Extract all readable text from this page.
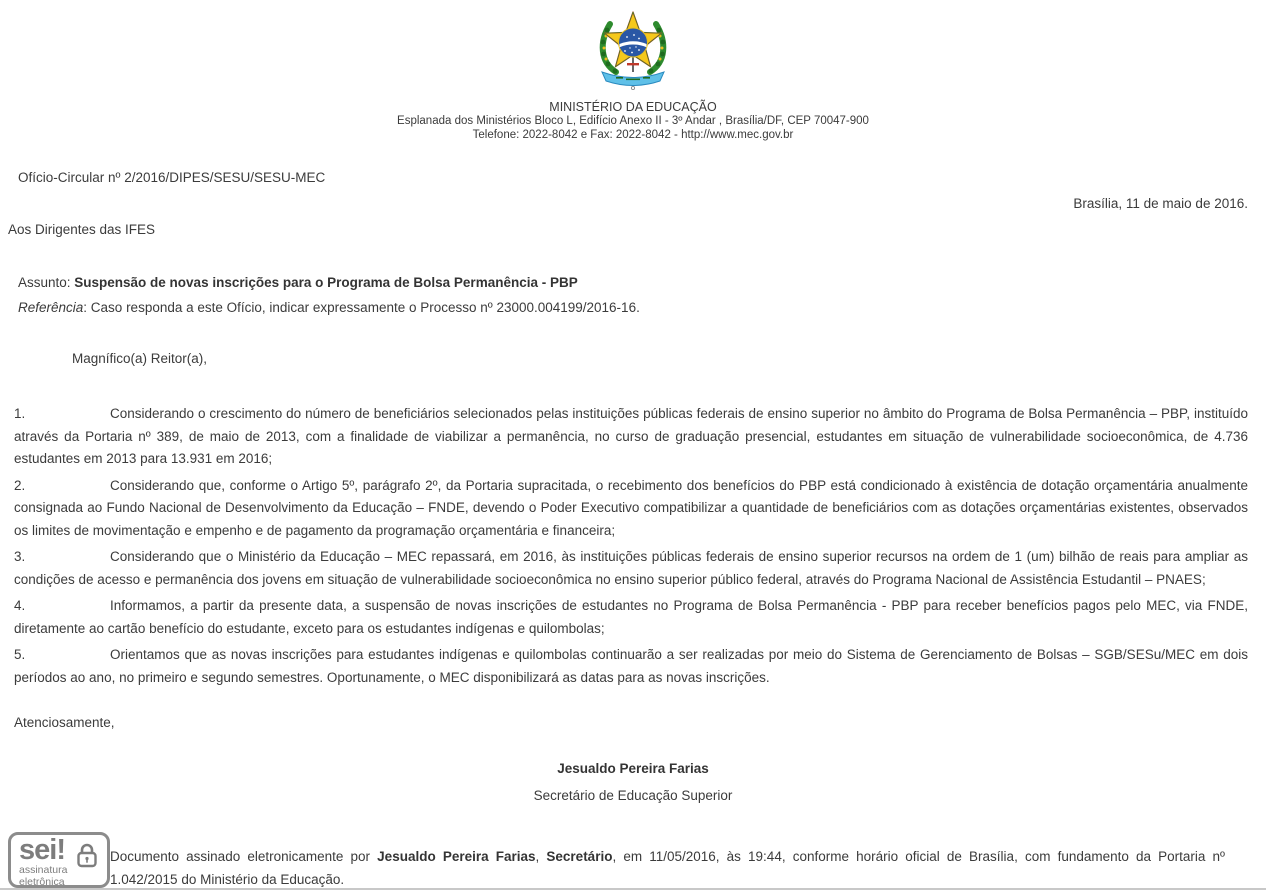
MINISTÉRIO DA EDUCAÇÃO
Esplanada dos Ministérios Bloco L, Edifício Anexo II - 3º Andar , Brasília/DF, CEP 70047-900
Telefone: 2022-8042 e Fax: 2022-8042 - http://www.mec.gov.br
Ofício-Circular nº 2/2016/DIPES/SESU/SESU-MEC
Brasília, 11 de maio de 2016.
Aos Dirigentes das IFES
Assunto: Suspensão de novas inscrições para o Programa de Bolsa Permanência - PBP
Referência: Caso responda a este Ofício, indicar expressamente o Processo nº 23000.004199/2016-16.
Magnífico(a) Reitor(a),
1.	Considerando o crescimento do número de beneficiários selecionados pelas instituições públicas federais de ensino superior no âmbito do Programa de Bolsa Permanência – PBP, instituído através da Portaria nº 389, de maio de 2013, com a finalidade de viabilizar a permanência, no curso de graduação presencial, estudantes em situação de vulnerabilidade socioeconômica, de 4.736 estudantes em 2013 para 13.931 em 2016;
2.	Considerando que, conforme o Artigo 5º, parágrafo 2º, da Portaria supracitada, o recebimento dos benefícios do PBP está condicionado à existência de dotação orçamentária anualmente consignada ao Fundo Nacional de Desenvolvimento da Educação – FNDE, devendo o Poder Executivo compatibilizar a quantidade de beneficiários com as dotações orçamentárias existentes, observados os limites de movimentação e empenho e de pagamento da programação orçamentária e financeira;
3.	Considerando que o Ministério da Educação – MEC repassará, em 2016, às instituições públicas federais de ensino superior recursos na ordem de 1 (um) bilhão de reais para ampliar as condições de acesso e permanência dos jovens em situação de vulnerabilidade socioeconômica no ensino superior público federal, através do Programa Nacional de Assistência Estudantil – PNAES;
4.	Informamos, a partir da presente data, a suspensão de novas inscrições de estudantes no Programa de Bolsa Permanência - PBP para receber benefícios pagos pelo MEC, via FNDE, diretamente ao cartão benefício do estudante, exceto para os estudantes indígenas e quilombolas;
5.	Orientamos que as novas inscrições para estudantes indígenas e quilombolas continuarão a ser realizadas por meio do Sistema de Gerenciamento de Bolsas – SGB/SESu/MEC em dois períodos ao ano, no primeiro e segundo semestres. Oportunamente, o MEC disponibilizará as datas para as novas inscrições.
Atenciosamente,
Jesualdo Pereira Farias
Secretário de Educação Superior
sei!
assinatura
eletrônica
Documento assinado eletronicamente por Jesualdo Pereira Farias, Secretário, em 11/05/2016, às 19:44, conforme horário oficial de Brasília, com fundamento da Portaria nº 1.042/2015 do Ministério da Educação.
